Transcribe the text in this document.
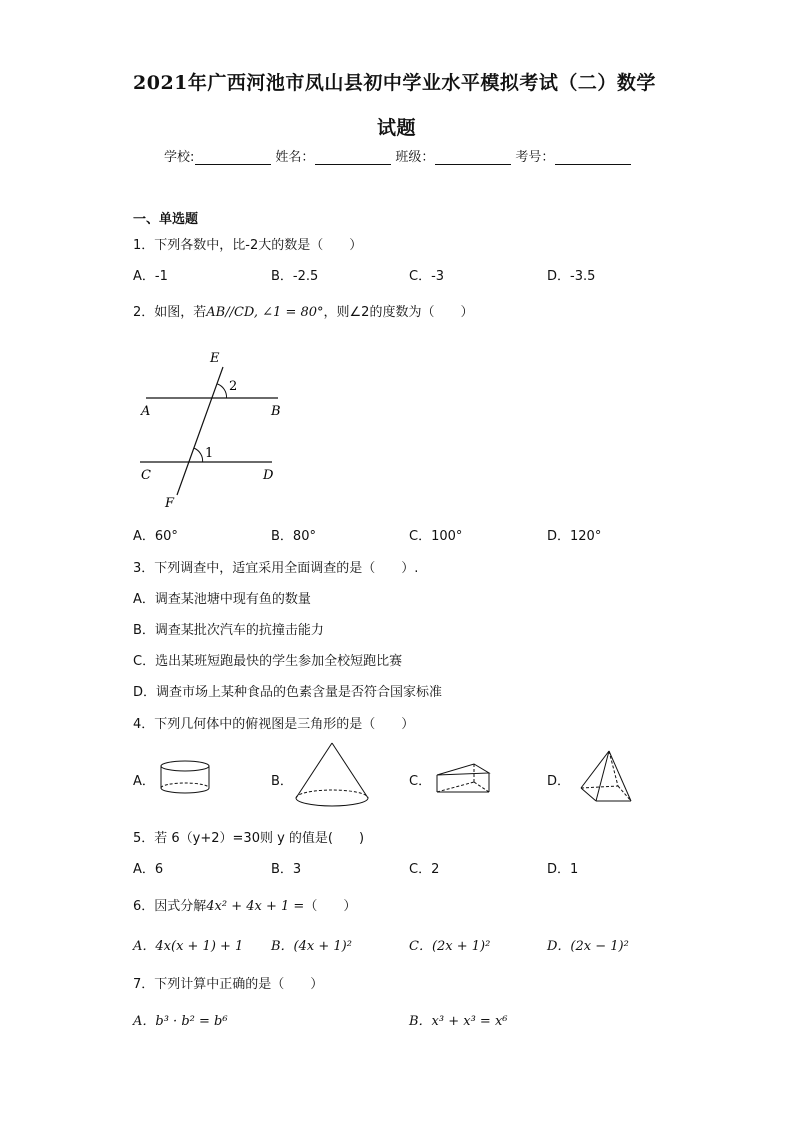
2021年广西河池市凤山县初中学业水平模拟考试（二）数学
试题
学校:	姓名：	班级：	考号：
一、单选题
1．下列各数中，比-2大的数是（　　）
A．-1	B．-2.5	C．-3	D．-3.5
2．如图，若AB//CD, ∠1 = 80°，则∠2的度数为（　　）
E
2
A	B
1
C	D
F
A．60°	B．80°	C．100°	D．120°
3．下列调查中，适宜采用全面调查的是（　　）.
A．调查某池塘中现有鱼的数量
B．调查某批次汽车的抗撞击能力
C．选出某班短跑最快的学生参加全校短跑比赛
D．调查市场上某种食品的色素含量是否符合国家标准
4．下列几何体中的俯视图是三角形的是（　　）
A．	B．	C．	D．
5．若 6（y+2）=30则 y 的值是(　　)
A．6	B．3	C．2	D．1
6．因式分解4x² + 4x + 1 =（　　）
A．4x(x + 1) + 1 B．(4x + 1)²	C．(2x + 1)²	D．(2x − 1)²
7．下列计算中正确的是（　　）
A．b³ · b² = b⁶	B．x³ + x³ = x⁶
